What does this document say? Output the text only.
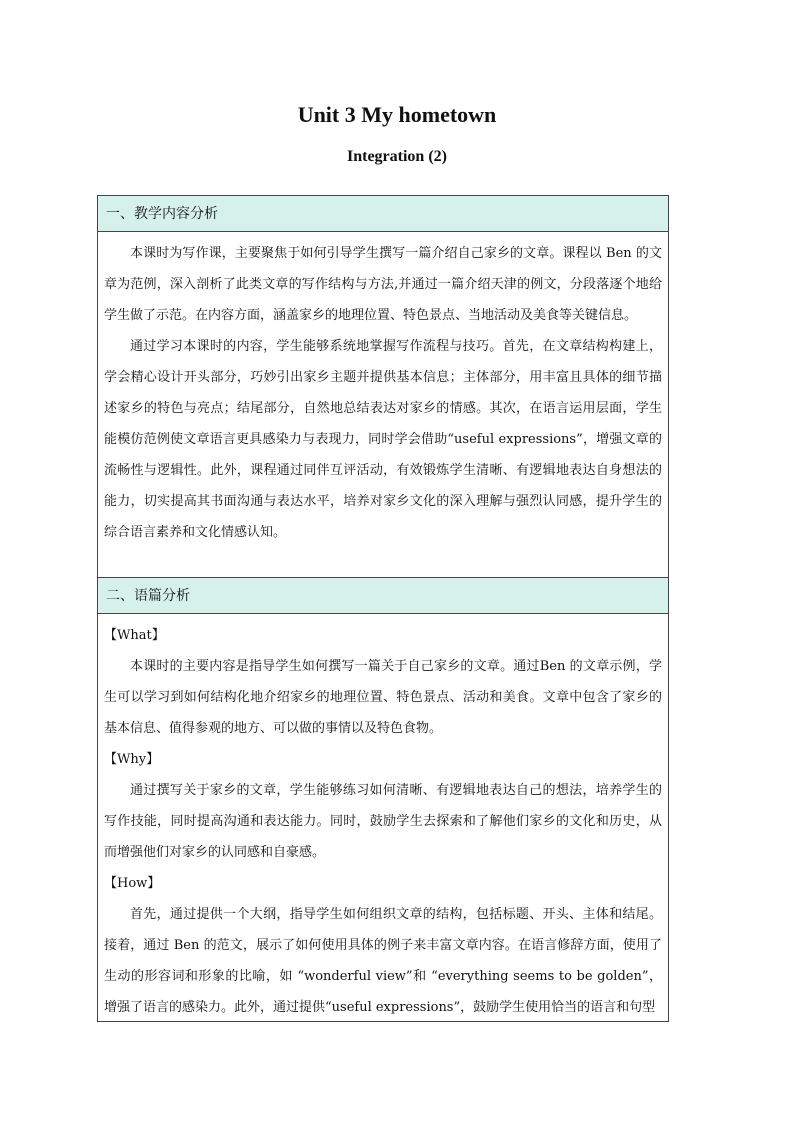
Unit 3 My hometown
Integration (2)
一、教学内容分析

本课时为写作课，主要聚焦于如何引导学生撰写一篇介绍自己家乡的文章。课程以 Ben 的文章为范例，深入剖析了此类文章的写作结构与方法,并通过一篇介绍天津的例文，分段落逐个地给学生做了示范。在内容方面，涵盖家乡的地理位置、特色景点、当地活动及美食等关键信息。

通过学习本课时的内容，学生能够系统地掌握写作流程与技巧。首先，在文章结构构建上，学会精心设计开头部分，巧妙引出家乡主题并提供基本信息；主体部分，用丰富且具体的细节描述家乡的特色与亮点；结尾部分，自然地总结表达对家乡的情感。其次，在语言运用层面，学生能模仿范例使文章语言更具感染力与表现力，同时学会借助“useful expressions”，增强文章的流畅性与逻辑性。此外，课程通过同伴互评活动，有效锻炼学生清晰、有逻辑地表达自身想法的能力，切实提高其书面沟通与表达水平，培养对家乡文化的深入理解与强烈认同感，提升学生的综合语言素养和文化情感认知。

二、语篇分析

【What】

本课时的主要内容是指导学生如何撰写一篇关于自己家乡的文章。通过Ben 的文章示例，学生可以学习到如何结构化地介绍家乡的地理位置、特色景点、活动和美食。文章中包含了家乡的基本信息、值得参观的地方、可以做的事情以及特色食物。

【Why】

通过撰写关于家乡的文章，学生能够练习如何清晰、有逻辑地表达自己的想法，培养学生的写作技能，同时提高沟通和表达能力。同时，鼓励学生去探索和了解他们家乡的文化和历史，从而增强他们对家乡的认同感和自豪感。

【How】

首先，通过提供一个大纲，指导学生如何组织文章的结构，包括标题、开头、主体和结尾。接着，通过 Ben 的范文，展示了如何使用具体的例子来丰富文章内容。在语言修辞方面，使用了生动的形容词和形象的比喻，如 “wonderful view”和 “everything seems to be golden”，增强了语言的感染力。此外，通过提供“useful expressions”，鼓励学生使用恰当的语言和句型
